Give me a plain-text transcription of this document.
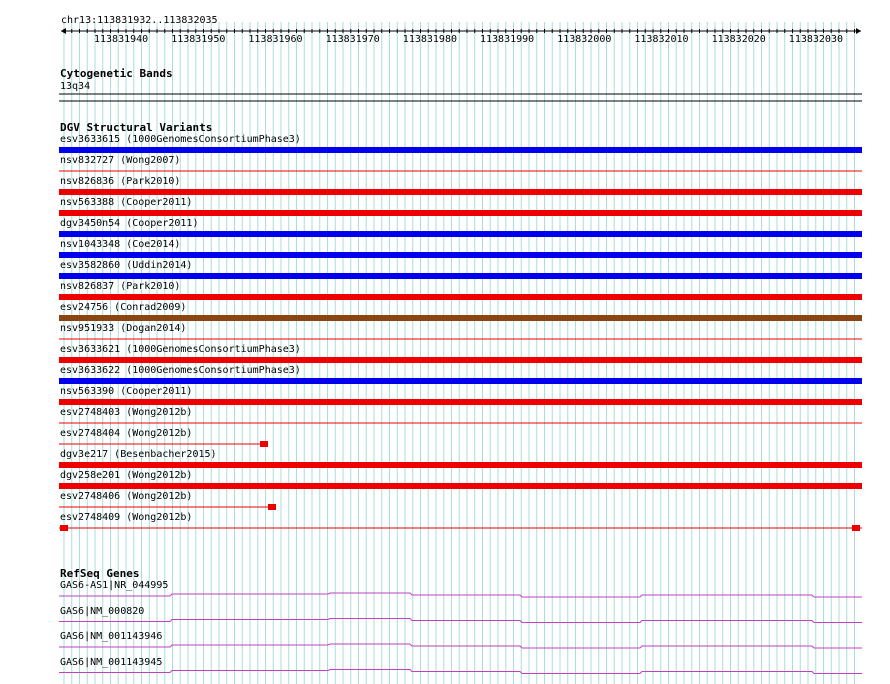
chr13:113831932..113832035
113831940 113831950 113831960 113831970 113831980 113831990 113832000 113832010 113832020 113832030
Cytogenetic Bands
13q34
DGV Structural Variants
esv3633615 (1000GenomesConsortiumPhase3)
nsv832727 (Wong2007)
nsv826836 (Park2010)
nsv563388 (Cooper2011)
dgv3450n54 (Cooper2011)
nsv1043348 (Coe2014)
esv3582860 (Uddin2014)
nsv826837 (Park2010)
esv24756 (Conrad2009)
nsv951933 (Dogan2014)
esv3633621 (1000GenomesConsortiumPhase3)
esv3633622 (1000GenomesConsortiumPhase3)
nsv563390 (Cooper2011)
esv2748403 (Wong2012b)
esv2748404 (Wong2012b)
dgv3e217 (Besenbacher2015)
dgv258e201 (Wong2012b)
esv2748406 (Wong2012b)
esv2748409 (Wong2012b)
RefSeq Genes
GAS6-AS1|NR_044995
GAS6|NM_000820
GAS6|NM_001143946
GAS6|NM_001143945
